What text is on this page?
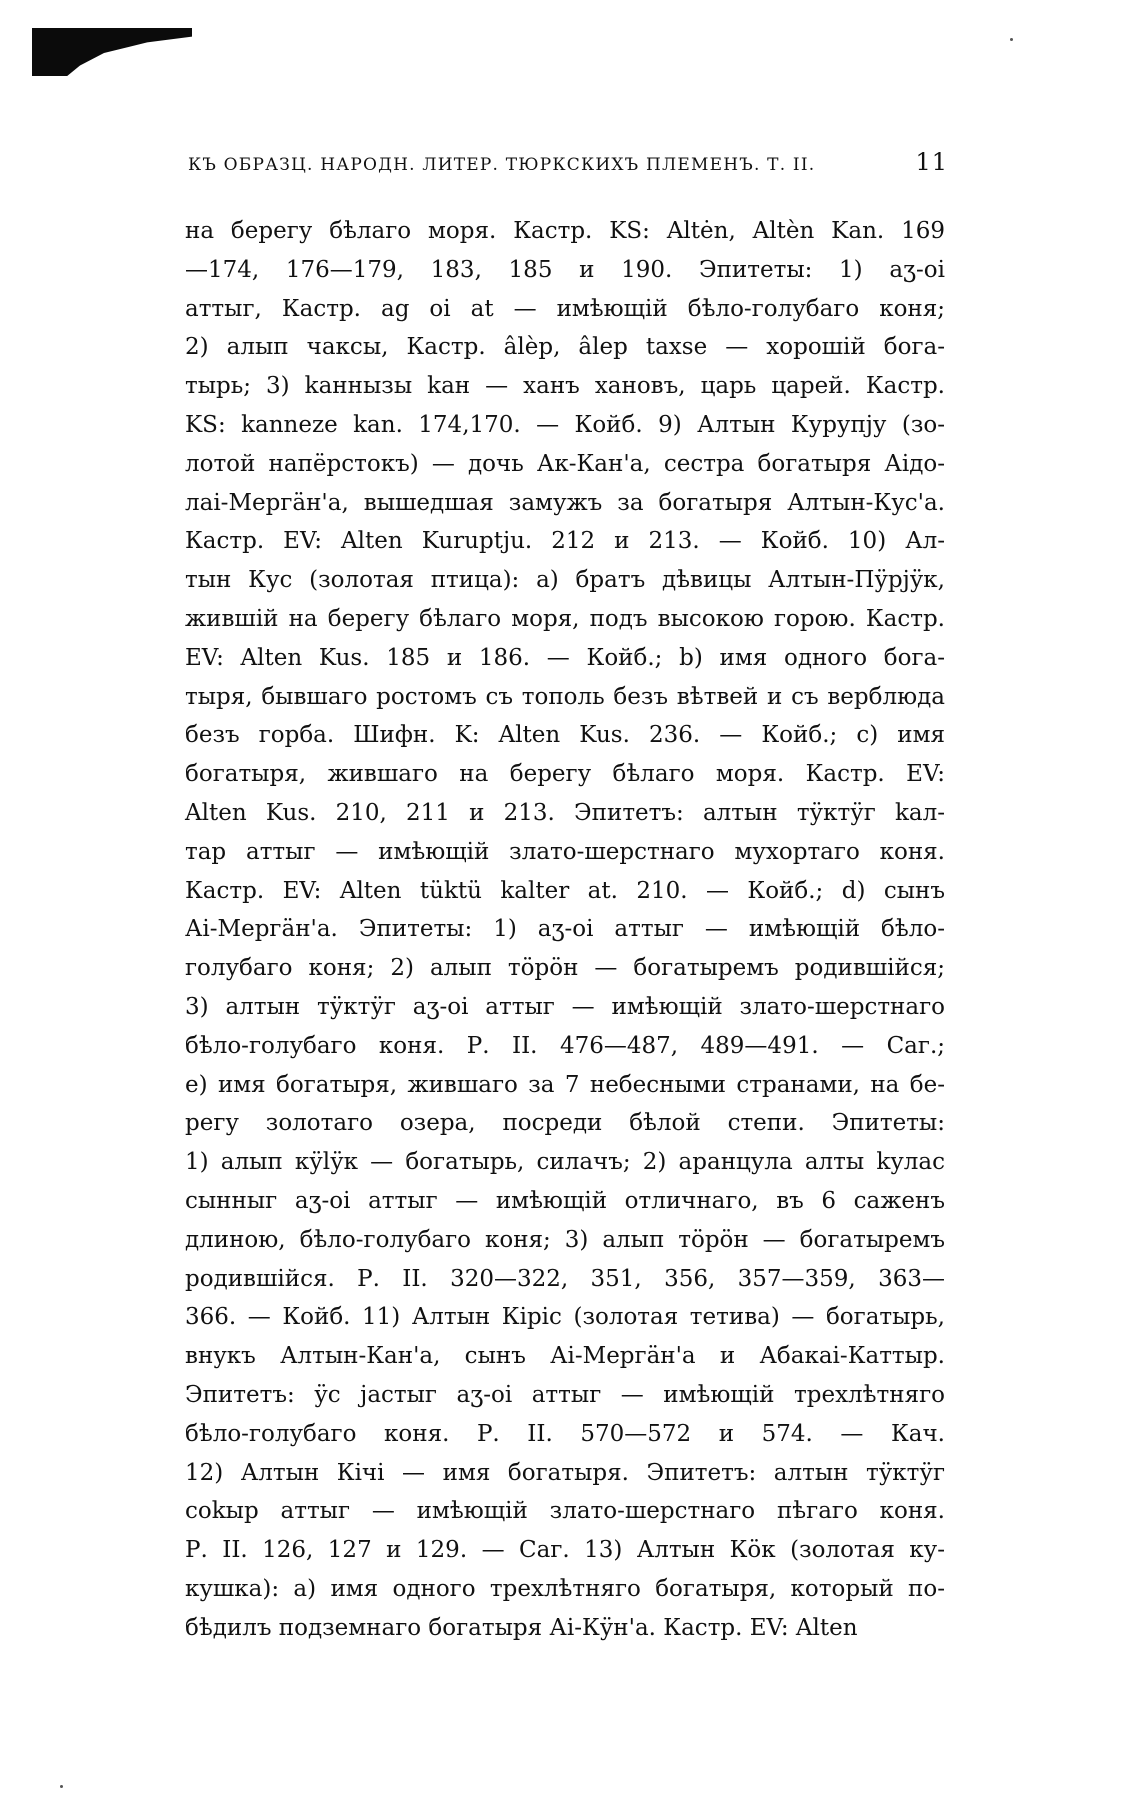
КЪ ОБРАЗЦ. НАРОДН. ЛИТЕР. ТЮРКСКИХЪ ПЛЕМЕНЪ. Т. II.	11
на берегу бѣлаго моря. Кастр. KS: Altėn, Altèn Kan. 169
—174, 176—179, 183, 185 и 190. Эпитеты: 1) аӡ-оі
аттыг, Кастр. ag oi at — имѣющій бѣло-голубаго коня;
2) алып чаксы, Кастр. âlèp, âlep taxse — хорошій бога-
тырь; 3) kаннызы kан — ханъ хановъ, царь царей. Кастр.
KS: kanneze kan. 174,170. — Койб. 9) Алтын Курупју (зо-
лотой напёрстокъ) — дочь Ак-Кан'а, сестра богатыря Аідо-
лаі-Мергäн'а, вышедшая замужъ за богатыря Алтын-Кус'а.
Кастр. EV: Alten Kuruptju. 212 и 213. — Койб. 10) Ал-
тын Кус (золотая птица): а) братъ дѣвицы Алтын-Пӱрјӱк,
жившій на берегу бѣлаго моря, подъ высокою горою. Кастр.
EV: Alten Kus. 185 и 186. — Койб.; b) имя одного бога-
тыря, бывшаго ростомъ съ тополь безъ вѣтвей и съ верблюда
безъ горба. Шифн. K: Alten Kus. 236. — Койб.; с) имя
богатыря, жившаго на берегу бѣлаго моря. Кастр. EV:
Alten Kus. 210, 211 и 213. Эпитетъ: алтын тӱктӱг kал-
тар аттыг — имѣющій злато-шерстнаго мухортаго коня.
Кастр. EV: Alten tüktü kalter at. 210. — Койб.; d) сынъ
Аі-Мергäн'а. Эпитеты: 1) аӡ-оі аттыг — имѣющій бѣло-
голубаго коня; 2) алып тöрöн — богатыремъ родившійся;
3) алтын тӱктӱг аӡ-оі аттыг — имѣющій злато-шерстнаго
бѣло-голубаго коня. Р. II. 476—487, 489—491. — Саг.;
е) имя богатыря, жившаго за 7 небесными странами, на бе-
регу золотаго озера, посреди бѣлой степи. Эпитеты:
1) алып кӱlӱк — богатырь, силачъ; 2) аранцула алты kулас
сынныг аӡ-оі аттыг — имѣющій отличнаго, въ 6 саженъ
длиною, бѣло-голубаго коня; 3) алып тöрöн — богатыремъ
родившійся. Р. II. 320—322, 351, 356, 357—359, 363—
366. — Койб. 11) Алтын Кіріс (золотая тетива) — богатырь,
внукъ Алтын-Кан'а, сынъ Аі-Мергäн'а и Абакаі-Каттыр.
Эпитетъ: ӱс јастыг аӡ-оі аттыг — имѣющій трехлѣтняго
бѣло-голубаго коня. Р. II. 570—572 и 574. — Кач.
12) Алтын Кічі — имя богатыря. Эпитетъ: алтын тӱктӱг
соkыр аттыг — имѣющій злато-шерстнаго пѣгаго коня.
Р. II. 126, 127 и 129. — Саг. 13) Алтын Кöк (золотая ку-
кушка): а) имя одного трехлѣтняго богатыря, который по-
бѣдилъ подземнаго богатыря Аі-Кӱн'а. Кастр. EV: Alten
